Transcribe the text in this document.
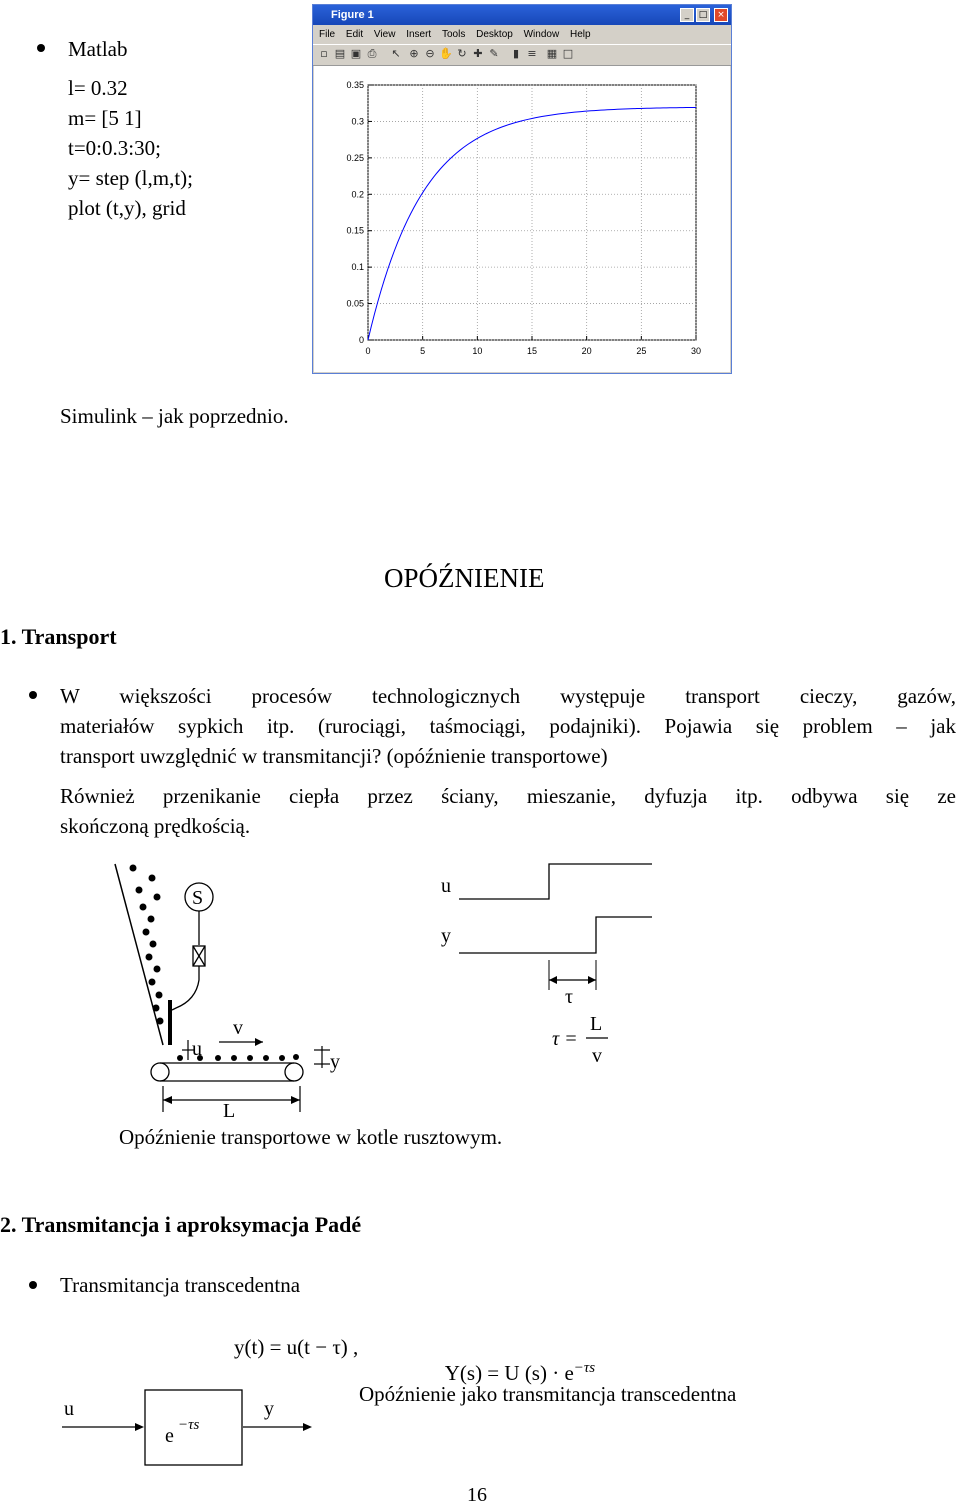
Matlab
l= 0.32
m= [5 1]
t=0:0.3:30;
y= step (l,m,t);
plot (t,y), grid
Figure 1	_	□	×
File Edit View Insert Tools Desktop Window Help
▫ ▤ ▣ ⎙ ↖ ⊕ ⊖ ✋ ↻ ✚ ✎	▮ ≡ ▦ □
0	5	10	15	20	25	30
0
0.05
0.1
0.15
0.2
0.25
0.3
0.35
Simulink – jak poprzednio.
OPÓŹNIENIE
1. Transport
W większości procesów technologicznych występuje transport cieczy, gazów,
materiałów sypkich itp. (rurociągi, taśmociągi, podajniki). Pojawia się problem – jak
transport uwzględnić w transmitancji? (opóźnienie transportowe)
Również przenikanie ciepła przez ściany, mieszanie, dyfuzja itp. odbywa się ze
skończoną prędkością.
S
u
v
y
L
u
y
τ
τ =
L
v
Opóźnienie transportowe w kotle rusztowym.
2. Transmitancja i aproksymacja Padé
Transmitancja transcedentna
y(t) = u(t − τ) ,

Y(s) = U $(s) \cdot e^{-\tau s}$

u
e −τs
y
Opóźnienie jako transmitancja transcedentna
16
